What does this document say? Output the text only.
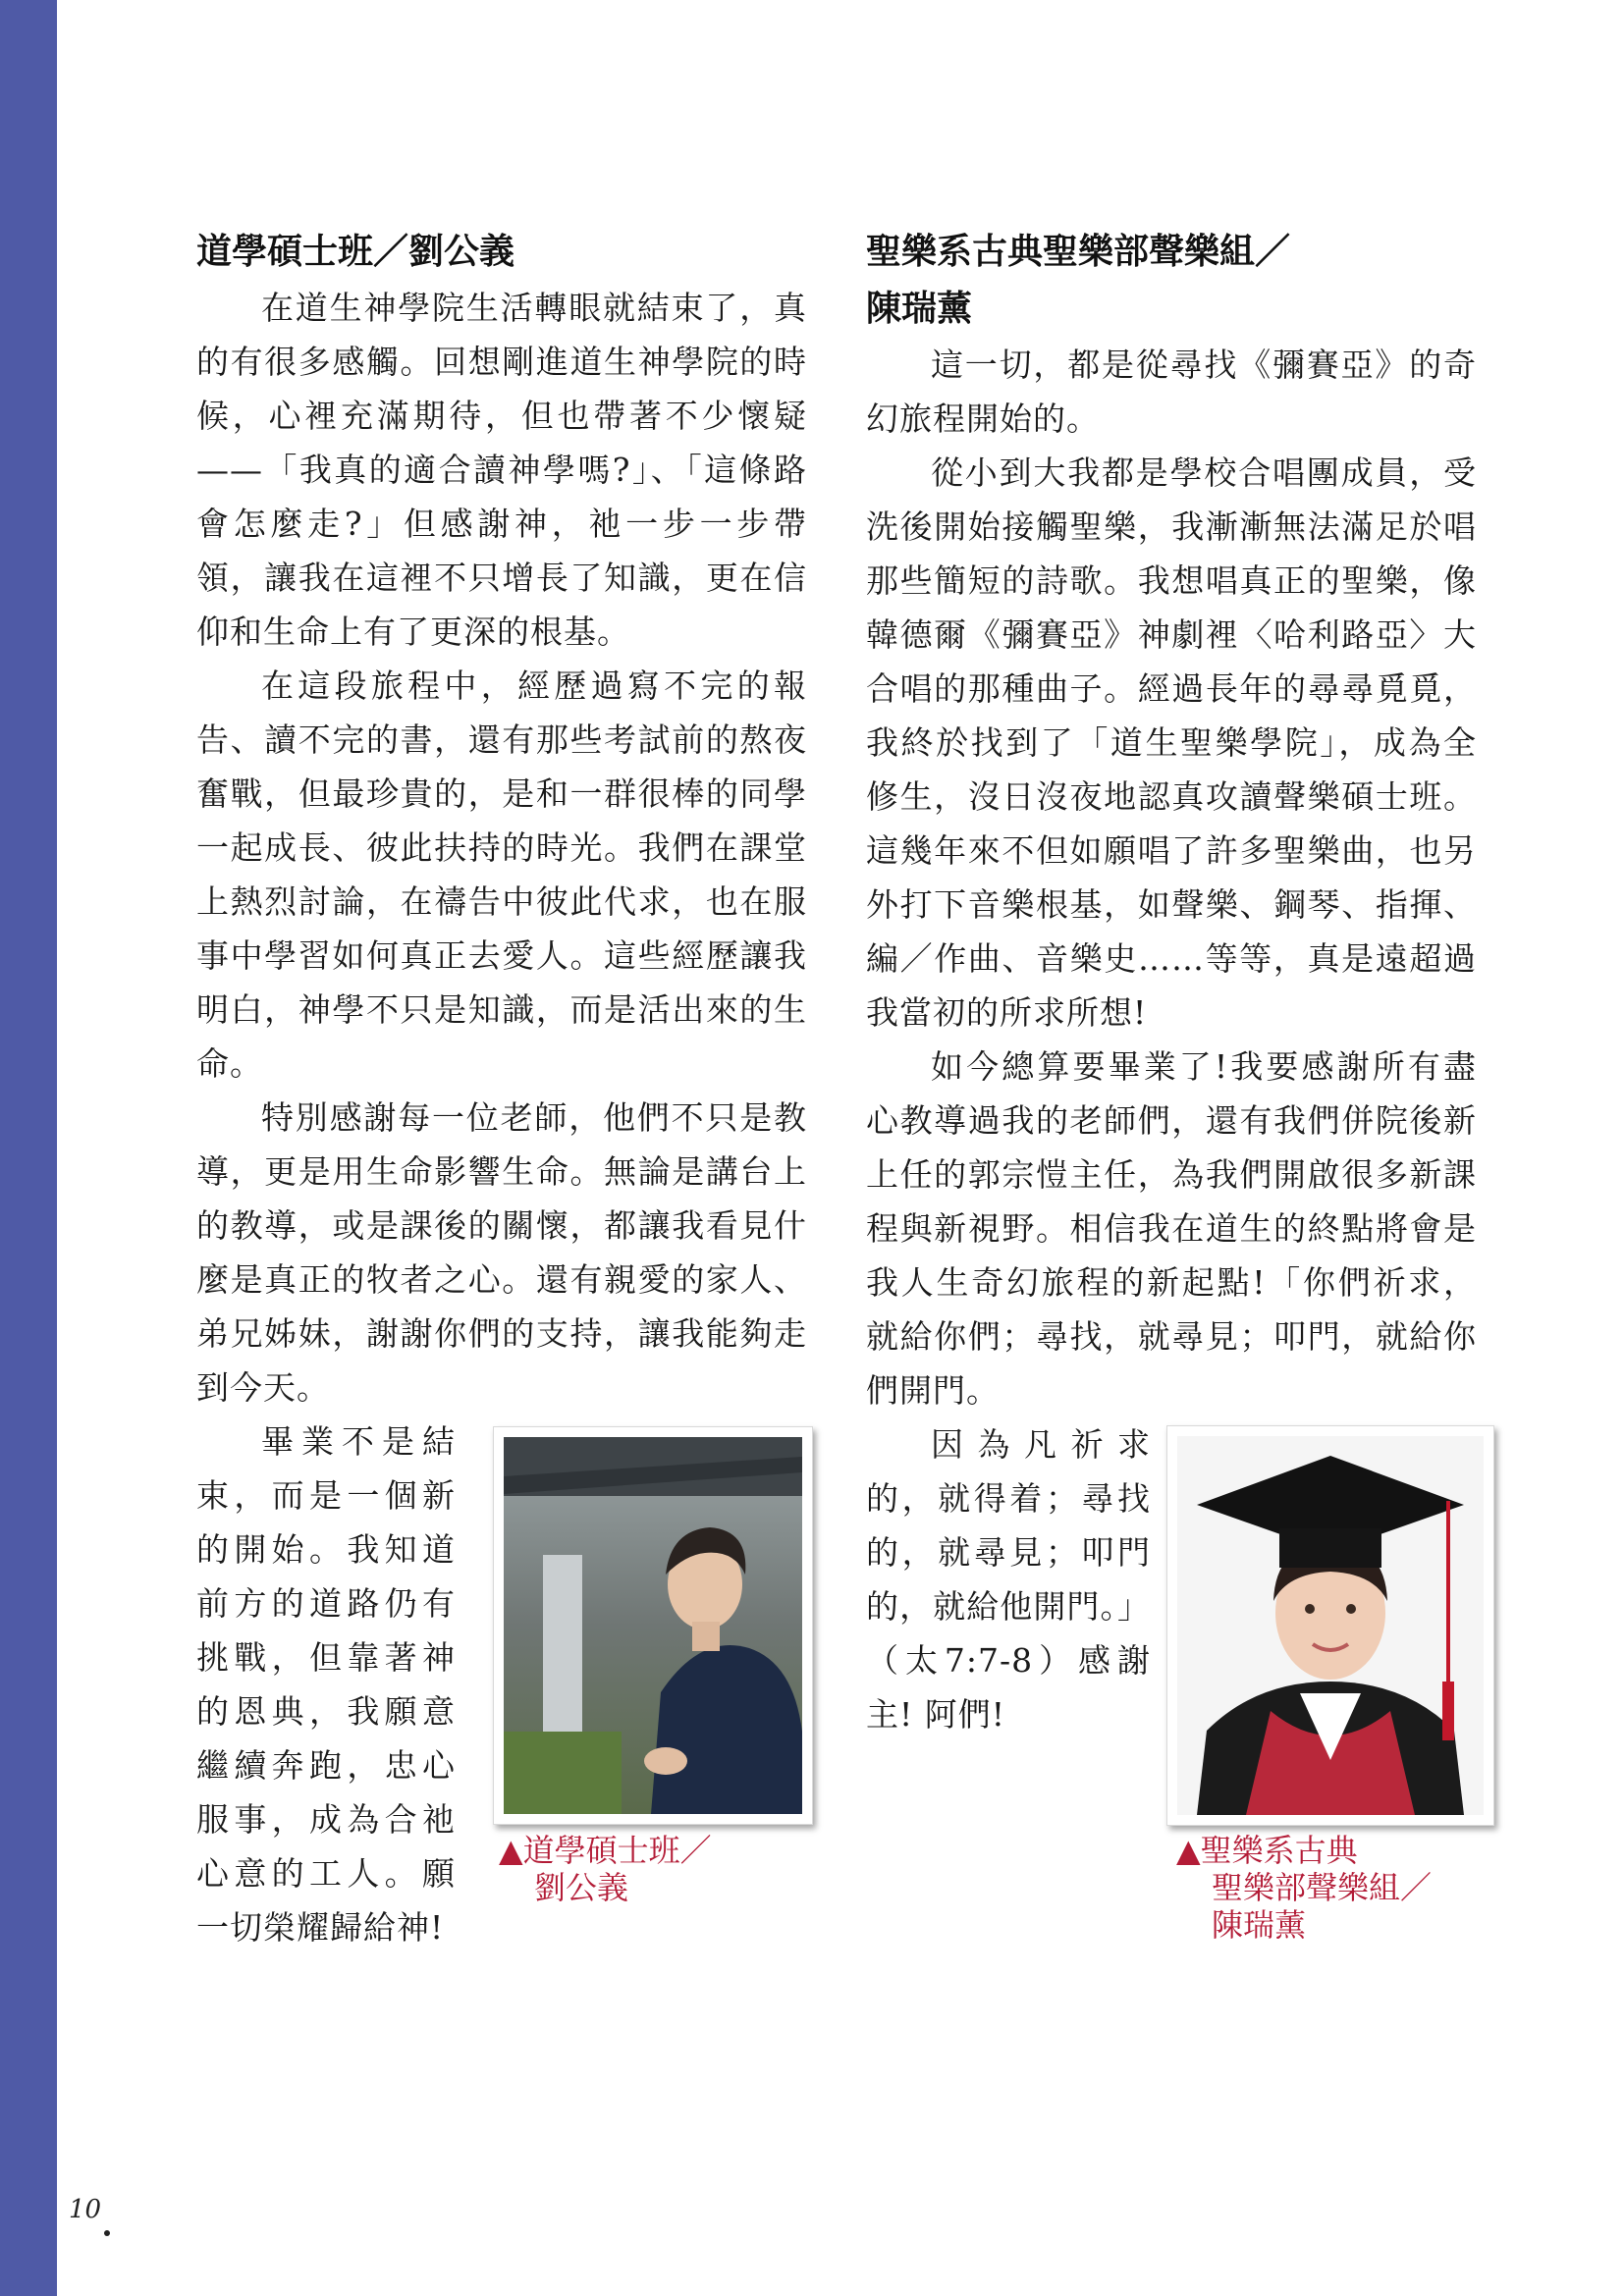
道學碩士班／劉公義

在道生神學院生活轉眼就結束了，真的有很多感觸。回想剛進道生神學院的時候，心裡充滿期待，但也帶著不少懷疑——「我真的適合讀神學嗎?」、「這條路會怎麼走?」但感謝神，祂一步一步帶領，讓我在這裡不只增長了知識，更在信仰和生命上有了更深的根基。

在這段旅程中，經歷過寫不完的報告、讀不完的書，還有那些考試前的熬夜奮戰，但最珍貴的，是和一群很棒的同學一起成長、彼此扶持的時光。我們在課堂上熱烈討論，在禱告中彼此代求，也在服事中學習如何真正去愛人。這些經歷讓我明白，神學不只是知識，而是活出來的生命。

特別感謝每一位老師，他們不只是教導，更是用生命影響生命。無論是講台上的教導，或是課後的關懷，都讓我看見什麼是真正的牧者之心。還有親愛的家人、弟兄姊妹，謝謝你們的支持，讓我能夠走到今天。

畢業不是結束，而是一個新的開始。我知道前方的道路仍有挑戰，但靠著神的恩典，我願意繼續奔跑，忠心服事，成為合祂心意的工人。願一切榮耀歸給神!

▲道學碩士班／
劉公義
聖樂系古典聖樂部聲樂組／
陳瑞薰

這一切，都是從尋找《彌賽亞》的奇幻旅程開始的。

從小到大我都是學校合唱團成員，受洗後開始接觸聖樂，我漸漸無法滿足於唱那些簡短的詩歌。我想唱真正的聖樂，像韓德爾《彌賽亞》神劇裡〈哈利路亞〉大合唱的那種曲子。經過長年的尋尋覓覓，我終於找到了「道生聖樂學院」，成為全修生，沒日沒夜地認真攻讀聲樂碩士班。這幾年來不但如願唱了許多聖樂曲，也另外打下音樂根基，如聲樂、鋼琴、指揮、編／作曲、音樂史……等等，真是遠超過我當初的所求所想!

如今總算要畢業了!我要感謝所有盡心教導過我的老師們，還有我們併院後新上任的郭宗愷主任，為我們開啟很多新課程與新視野。相信我在道生的終點將會是我人生奇幻旅程的新起點!「你們祈求，就給你們；尋找，就尋見；叩門，就給你們開門。

因為凡祈求的，就得着；尋找的，就尋見；叩門的，就給他開門。」（太7:7-8）感謝主! 阿們!

▲聖樂系古典
聖樂部聲樂組／
陳瑞薰
10
